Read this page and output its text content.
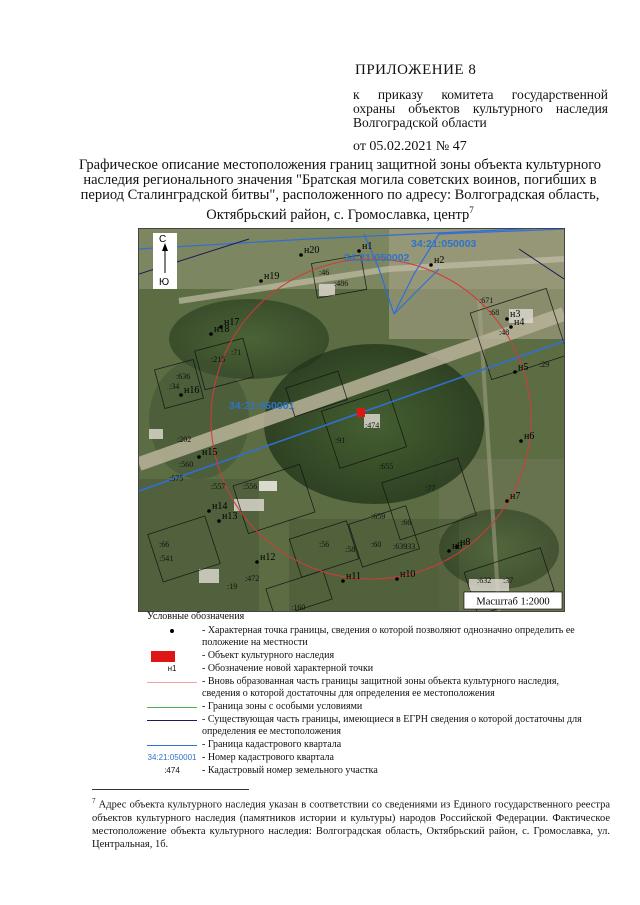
ПРИЛОЖЕНИЕ 8
к приказу комитета государственной охраны объектов культурного наследия Волгоградской области
от 05.02.2021 № 47
Графическое описание местоположения границ защитной зоны объекта культурного наследия регионального значения "Братская могила советских воинов, погибших в период Сталинградской битвы", расположенного по адресу: Волгоградская область, Октябрьский район, с. Громославка, центр$^7$
С
Ю
н1
н2
н3
н4
н5
н6
н7
н8
н9
н10
н11
н12
н13
н14
н15
н16
н17
н18
н19
н20
:486
:46
:671
:68
:48
:29
:215
:71
:636
:34
:202
:560
:575
:474
:91
:655
:77
:557 :556
:659
:60
:58	:639
:66
:541
:472
:160
:632 :37
:19
:33
:66	:56
34:21:050002
34:21:050003
34:21:050001
Масштаб 1:2000
Условные обозначения
- Характерная точка границы, сведения о которой позволяют однозначно определить ее положение на местности
- Объект культурного наследия
н1	- Обозначение новой характерной точки
- Вновь образованная часть границы защитной зоны объекта культурного наследия, сведения о которой достаточны для определения ее местоположения
- Граница зоны с особыми условиями
- Существующая часть границы, имеющиеся в ЕГРН сведения о которой достаточны для определения ее местоположения
- Граница кадастрового квартала
34:21:050001 - Номер кадастрового квартала
:474	- Кадастровый номер земельного участка
$^7$ Адрес объекта культурного наследия указан в соответствии со сведениями из Единого государственного реестра объектов культурного наследия (памятников истории и культуры) народов Российской Федерации. Фактическое местоположение объекта культурного наследия: Волгоградская область, Октябрьский район, с. Громославка, ул. Центральная, 1б.
